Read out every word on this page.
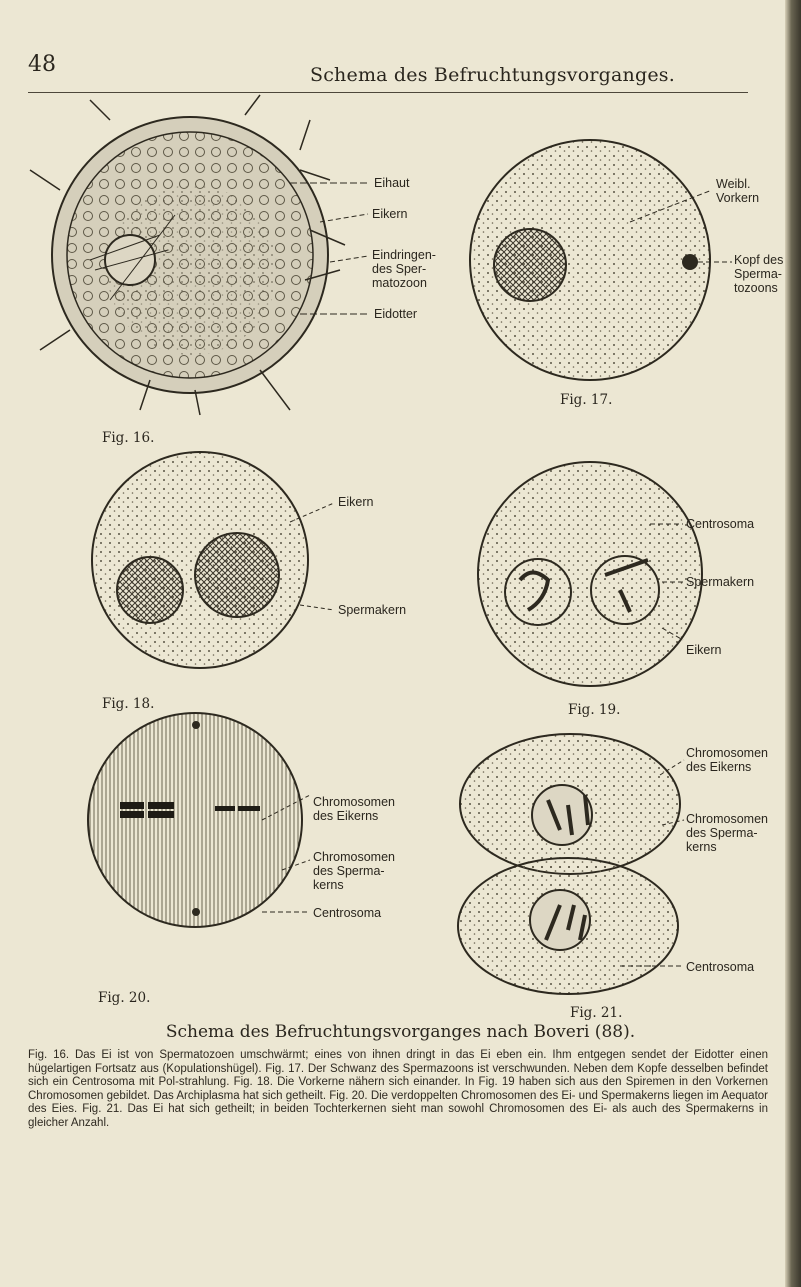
48	Schema des Befruchtungsvorganges.
Eihaut
Eikern
Eindringen-
des Sper-
matozoon
Eidotter
Fig. 16.
Weibl.
Vorkern
Kopf des
Sperma-
tozoons
Fig. 17.
Eikern
Spermakern
Fig. 18.
Centrosoma
Spermakern
Eikern
Fig. 19.
Chromosomen
des Eikerns
Chromosomen
des Sperma-
kerns
Centrosoma
Fig. 20.
Chromosomen
des Eikerns
Chromosomen
des Sperma-
kerns
Centrosoma
Fig. 21.
Schema des Befruchtungsvorganges nach Boveri (88).
Fig. 16. Das Ei ist von Spermatozoen umschwärmt; eines von ihnen dringt in das Ei eben ein. Ihm entgegen sendet der Eidotter einen hügelartigen Fortsatz aus (Kopulationshügel). Fig. 17. Der Schwanz des Spermazoons ist verschwunden. Neben dem Kopfe desselben befindet sich ein Centrosoma mit Pol-strahlung. Fig. 18. Die Vorkerne nähern sich einander. In Fig. 19 haben sich aus den Spiremen in den Vorkernen Chromosomen gebildet. Das Archiplasma hat sich getheilt. Fig. 20. Die verdoppelten Chromosomen des Ei- und Spermakerns liegen im Aequator des Eies. Fig. 21. Das Ei hat sich getheilt; in beiden Tochterkernen sieht man sowohl Chromosomen des Ei- als auch des Spermakerns in gleicher Anzahl.
